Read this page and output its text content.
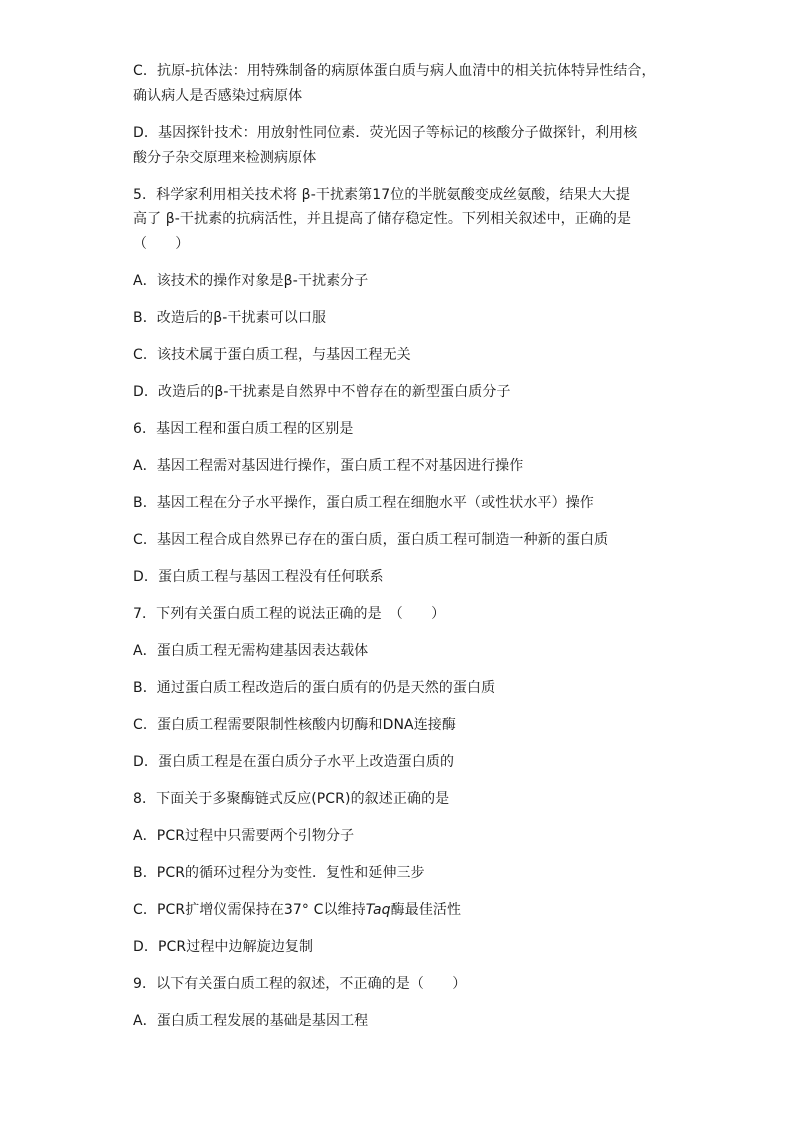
C．抗原-抗体法：用特殊制备的病原体蛋白质与病人血清中的相关抗体特异性结合，
确认病人是否感染过病原体
D．基因探针技术：用放射性同位素．荧光因子等标记的核酸分子做探针，利用核
酸分子杂交原理来检测病原体
5．科学家利用相关技术将 β-干扰素第17位的半胱氨酸变成丝氨酸，结果大大提
高了 β-干扰素的抗病活性，并且提高了储存稳定性。下列相关叙述中，正确的是
（　　）
A．该技术的操作对象是β-干扰素分子
B．改造后的β-干扰素可以口服
C．该技术属于蛋白质工程，与基因工程无关
D．改造后的β-干扰素是自然界中不曾存在的新型蛋白质分子
6．基因工程和蛋白质工程的区别是
A．基因工程需对基因进行操作，蛋白质工程不对基因进行操作
B．基因工程在分子水平操作，蛋白质工程在细胞水平（或性状水平）操作
C．基因工程合成自然界已存在的蛋白质，蛋白质工程可制造一种新的蛋白质
D．蛋白质工程与基因工程没有任何联系
7．下列有关蛋白质工程的说法正确的是　（　　）
A．蛋白质工程无需构建基因表达载体
B．通过蛋白质工程改造后的蛋白质有的仍是天然的蛋白质
C．蛋白质工程需要限制性核酸内切酶和DNA连接酶
D．蛋白质工程是在蛋白质分子水平上改造蛋白质的
8．下面关于多聚酶链式反应(PCR)的叙述正确的是
A．PCR过程中只需要两个引物分子
B．PCR的循环过程分为变性．复性和延伸三步
C．PCR扩增仪需保持在37° C以维持Taq酶最佳活性
D．PCR过程中边解旋边复制
9．以下有关蛋白质工程的叙述，不正确的是（　　）
A．蛋白质工程发展的基础是基因工程
